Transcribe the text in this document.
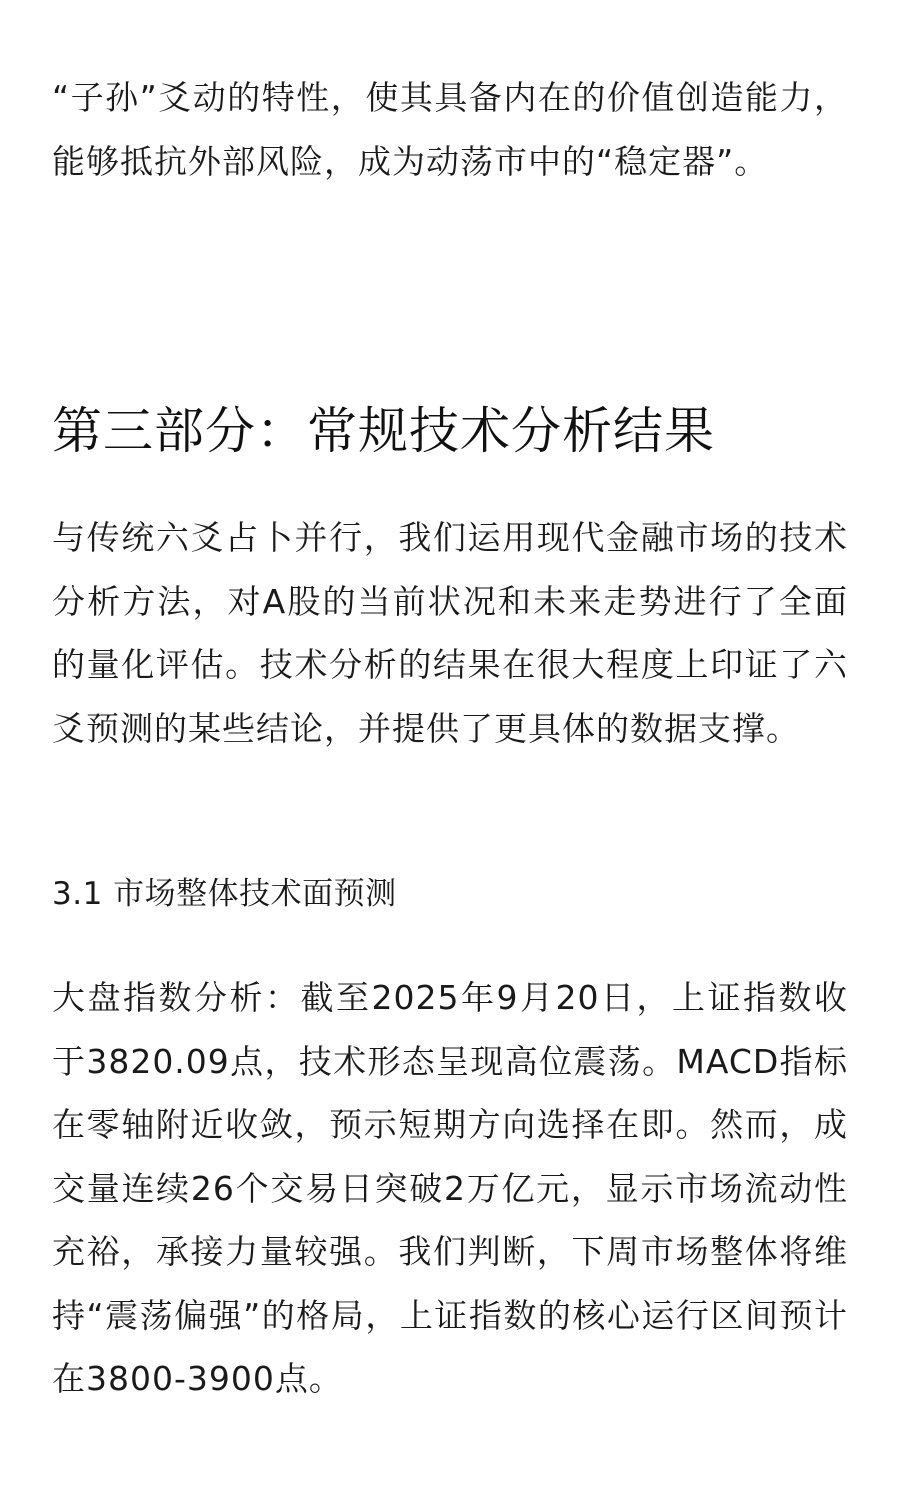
“子孙”爻动的特性，使其具备内在的价值创造能力，能够抵抗外部风险，成为动荡市中的“稳定器”。

第三部分：常规技术分析结果

与传统六爻占卜并行，我们运用现代金融市场的技术分析方法，对A股的当前状况和未来走势进行了全面的量化评估。技术分析的结果在很大程度上印证了六爻预测的某些结论，并提供了更具体的数据支撑。

3.1 市场整体技术面预测

大盘指数分析：截至2025年9月20日，上证指数收于3820.09点，技术形态呈现高位震荡。MACD指标在零轴附近收敛，预示短期方向选择在即。然而，成交量连续26个交易日突破2万亿元，显示市场流动性充裕，承接力量较强。我们判断，下周市场整体将维持“震荡偏强”的格局，上证指数的核心运行区间预计在3800-3900点。
